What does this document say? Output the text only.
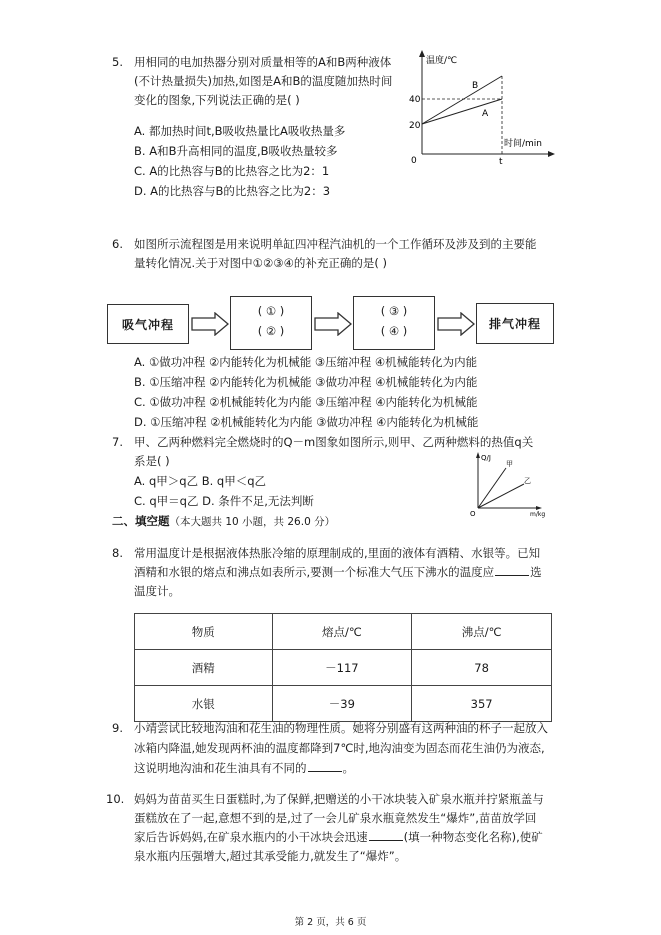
5. 用相同的电加热器分别对质量相等的A和B两种液体
(不计热量损失)加热,如图是A和B的温度随加热时间
变化的图象,下列说法正确的是( )
A. 都加热时间t,B吸收热量比A吸收热量多
B. A和B升高相同的温度,B吸收热量较多
C. A的比热容与B的比热容之比为2：1
D. A的比热容与B的比热容之比为2：3
温度/℃
时间/min
40
20
0
B
A
t
6. 如图所示流程图是用来说明单缸四冲程汽油机的一个工作循环及涉及到的主要能
量转化情况.关于对图中①②③④的补充正确的是( )
吸气冲程
( ① )
( ② )
( ③ )
( ④ )	排气冲程
A. ①做功冲程 ②内能转化为机械能 ③压缩冲程 ④机械能转化为内能
B. ①压缩冲程 ②内能转化为机械能 ③做功冲程 ④机械能转化为内能
C. ①做功冲程 ②机械能转化为内能 ③压缩冲程 ④内能转化为机械能
D. ①压缩冲程 ②机械能转化为内能 ③做功冲程 ④内能转化为机械能
7. 甲、乙两种燃料完全燃烧时的Q－m图象如图所示,则甲、乙两种燃料的热值q关
系是( )
A. q甲＞q乙 B. q甲＜q乙
C. q甲＝q乙 D. 条件不足,无法判断
Q/J
m/kg
O
甲
乙
二、填空题（本大题共 10 小题，共 26.0 分）
8. 常用温度计是根据液体热胀冷缩的原理制成的,里面的液体有酒精、水银等。已知
酒精和水银的熔点和沸点如表所示,要测一个标准大气压下沸水的温度应	选
温度计。
物质	熔点/℃	沸点/℃
酒精	－117	78
水银	－39	357
9. 小靖尝试比较地沟油和花生油的物理性质。她将分别盛有这两种油的杯子一起放入
冰箱内降温,她发现两杯油的温度都降到7℃时,地沟油变为固态而花生油仍为液态,
这说明地沟油和花生油具有不同的	。
10. 妈妈为苗苗买生日蛋糕时,为了保鲜,把赠送的小干冰块装入矿泉水瓶并拧紧瓶盖与
蛋糕放在了一起,意想不到的是,过了一会儿矿泉水瓶竟然发生“爆炸”,苗苗放学回
家后告诉妈妈,在矿泉水瓶内的小干冰块会迅速	(填一种物态变化名称),使矿
泉水瓶内压强增大,超过其承受能力,就发生了“爆炸”。
第 2 页，共 6 页
